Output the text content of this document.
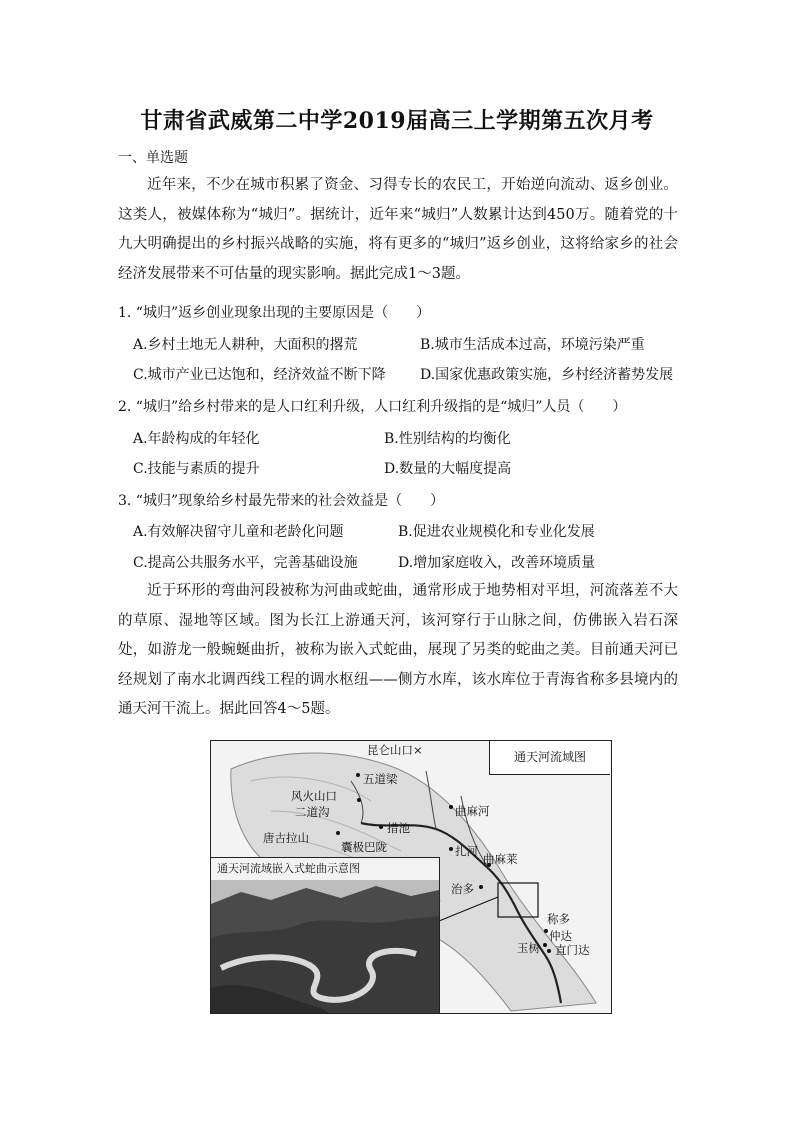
甘肃省武威第二中学2019届高三上学期第五次月考
一、单选题

近年来，不少在城市积累了资金、习得专长的农民工，开始逆向流动、返乡创业。这类人，被媒体称为“城归”。据统计，近年来“城归”人数累计达到450万。随着党的十九大明确提出的乡村振兴战略的实施，将有更多的“城归”返乡创业，这将给家乡的社会经济发展带来不可估量的现实影响。据此完成1～3题。

1. “城归”返乡创业现象出现的主要原因是（　　）
A.乡村土地无人耕种，大面积的撂荒	B.城市生活成本过高，环境污染严重
C.城市产业已达饱和，经济效益不断下降 D.国家优惠政策实施，乡村经济蓄势发展
2. “城归”给乡村带来的是人口红利升级，人口红利升级指的是“城归”人员（　　）
A.年龄构成的年轻化	B.性别结构的均衡化
C.技能与素质的提升	D.数量的大幅度提高
3. “城归”现象给乡村最先带来的社会效益是（　　）
A.有效解决留守儿童和老龄化问题	B.促进农业规模化和专业化发展
C.提高公共服务水平，完善基础设施	D.增加家庭收入，改善环境质量

近于环形的弯曲河段被称为河曲或蛇曲，通常形成于地势相对平坦，河流落差不大的草原、湿地等区域。图为长江上游通天河，该河穿行于山脉之间，仿佛嵌入岩石深处，如游龙一般蜿蜒曲折，被称为嵌入式蛇曲，展现了另类的蛇曲之美。目前通天河已经规划了南水北调西线工程的调水枢纽——侧方水库，该水库位于青海省称多县境内的通天河干流上。据此回答4～5题。

通天河流域图
昆仑山口×
五道梁
风火山口
二道沟
唐古拉山
措池
曲麻河
囊极巴陇	扎河
曲麻莱
治多
称多
仲达
玉树 直门达
通天河流域嵌入式蛇曲示意图
